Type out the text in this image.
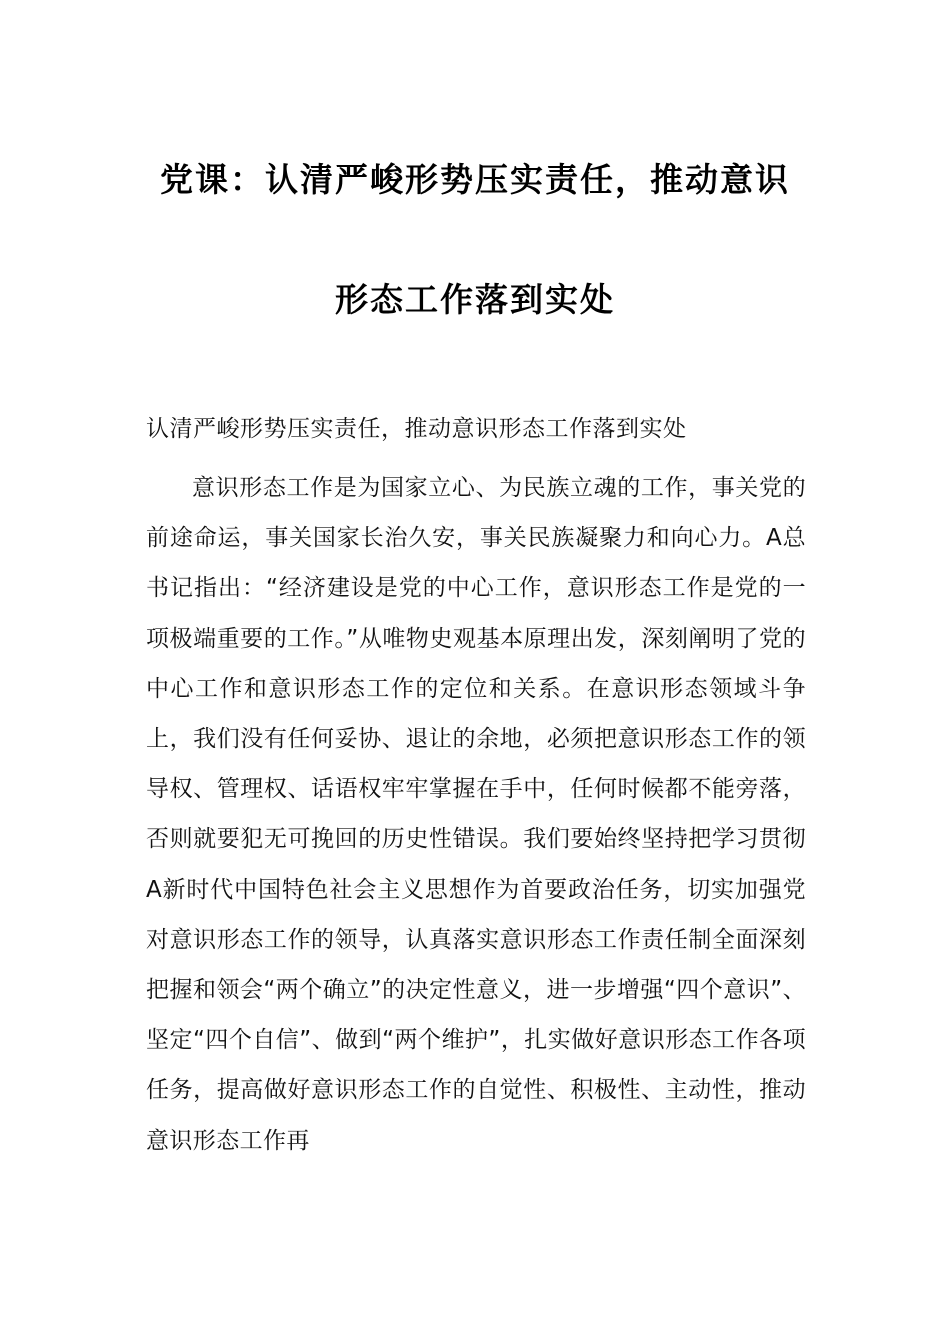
党课：认清严峻形势压实责任，推动意识
形态工作落到实处
认清严峻形势压实责任，推动意识形态工作落到实处

意识形态工作是为国家立心、为民族立魂的工作，事关党的前途命运，事关国家长治久安，事关民族凝聚力和向心力。A总书记指出：“经济建设是党的中心工作，意识形态工作是党的一项极端重要的工作。”从唯物史观基本原理出发，深刻阐明了党的中心工作和意识形态工作的定位和关系。在意识形态领域斗争上，我们没有任何妥协、退让的余地，必须把意识形态工作的领导权、管理权、话语权牢牢掌握在手中，任何时候都不能旁落，否则就要犯无可挽回的历史性错误。我们要始终坚持把学习贯彻A新时代中国特色社会主义思想作为首要政治任务，切实加强党对意识形态工作的领导，认真落实意识形态工作责任制全面深刻把握和领会“两个确立”的决定性意义，进一步增强“四个意识”、坚定“四个自信”、做到“两个维护”，扎实做好意识形态工作各项任务，提高做好意识形态工作的自觉性、积极性、主动性，推动意识形态工作再
